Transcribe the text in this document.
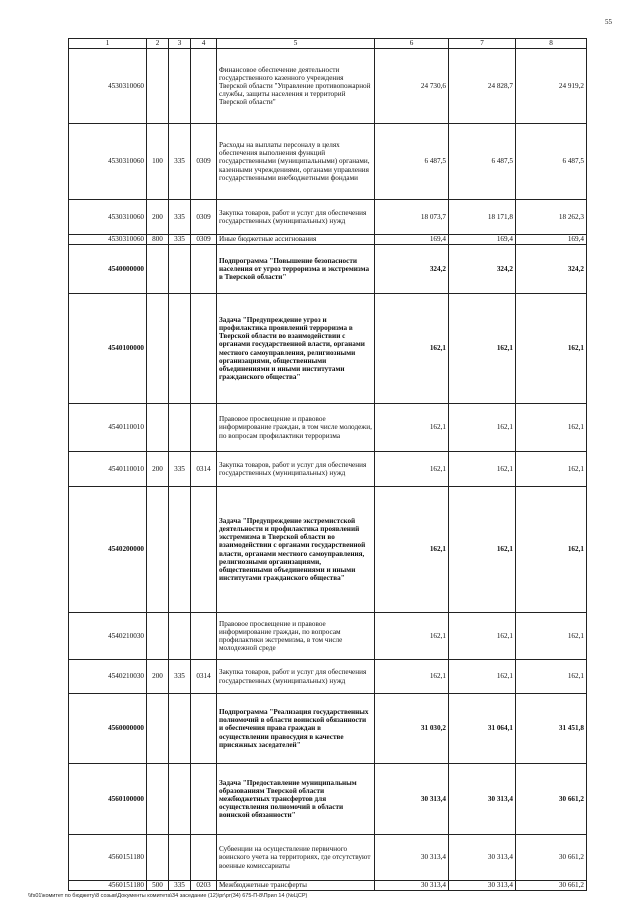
55
1	2	3	4	5	6	7	8
4530310060				Финансовое обеспечение деятельности государственного казенного учреждения Тверской области "Управление противопожарной службы, защиты населения и территорий Тверской области"	24 730,6	24 828,7	24 919,2
4530310060	100	335	0309	Расходы на выплаты персоналу в целях обеспечения выполнения функций государственными (муниципальными) органами, казенными учреждениями, органами управления государственными внебюджетными фондами	6 487,5	6 487,5	6 487,5
4530310060	200	335	0309	Закупка товаров, работ и услуг для обеспечения государственных (муниципальных) нужд	18 073,7	18 171,8	18 262,3
4530310060	800	335	0309	Иные бюджетные ассигнования	169,4	169,4	169,4
4540000000				Подпрограмма "Повышение безопасности населения от угроз терроризма и экстремизма в Тверской области"	324,2	324,2	324,2
4540100000				Задача "Предупреждение угроз и профилактика проявлений терроризма в Тверской области во взаимодействии с органами государственной власти, органами местного самоуправления, религиозными организациями, общественными объединениями и иными институтами гражданского общества"	162,1	162,1	162,1
4540110010				Правовое просвещение и правовое информирование граждан, в том числе молодежи, по вопросам профилактики терроризма	162,1	162,1	162,1
4540110010	200	335	0314	Закупка товаров, работ и услуг для обеспечения государственных (муниципальных) нужд	162,1	162,1	162,1
4540200000				Задача "Предупреждение экстремистской деятельности и профилактика проявлений экстремизма в Тверской области во взаимодействии с органами государственной власти, органами местного самоуправления, религиозными организациями, общественными объединениями и иными институтами гражданского общества"	162,1	162,1	162,1
4540210030				Правовое просвещение и правовое информирование граждан, по вопросам профилактики экстремизма, в том числе молодежной среде	162,1	162,1	162,1
4540210030	200	335	0314	Закупка товаров, работ и услуг для обеспечения государственных (муниципальных) нужд	162,1	162,1	162,1
4560000000				Подпрограмма "Реализация государственных полномочий в области воинской обязанности и обеспечения права граждан в осуществлении правосудия в качестве присяжных заседателей"	31 030,2	31 064,1	31 451,8
4560100000				Задача "Предоставление муниципальным образованиям Тверской области межбюджетных трансфертов для осуществления полномочий в области воинской обязанности"	30 313,4	30 313,4	30 661,2
4560151180				Субвенции на осуществление первичного воинского учета на территориях, где отсутствуют военные комиссариаты	30 313,4	30 313,4	30 661,2
4560151180	500	335	0203	Межбюджетные трансферты	30 313,4	30 313,4	30 661,2
\\fs01\комитет по бюджету\8 созыв\Документы комитета\34 заседание (12)\рг\рг(34) 675-П-8\Прил 14 (№ЦСР)
